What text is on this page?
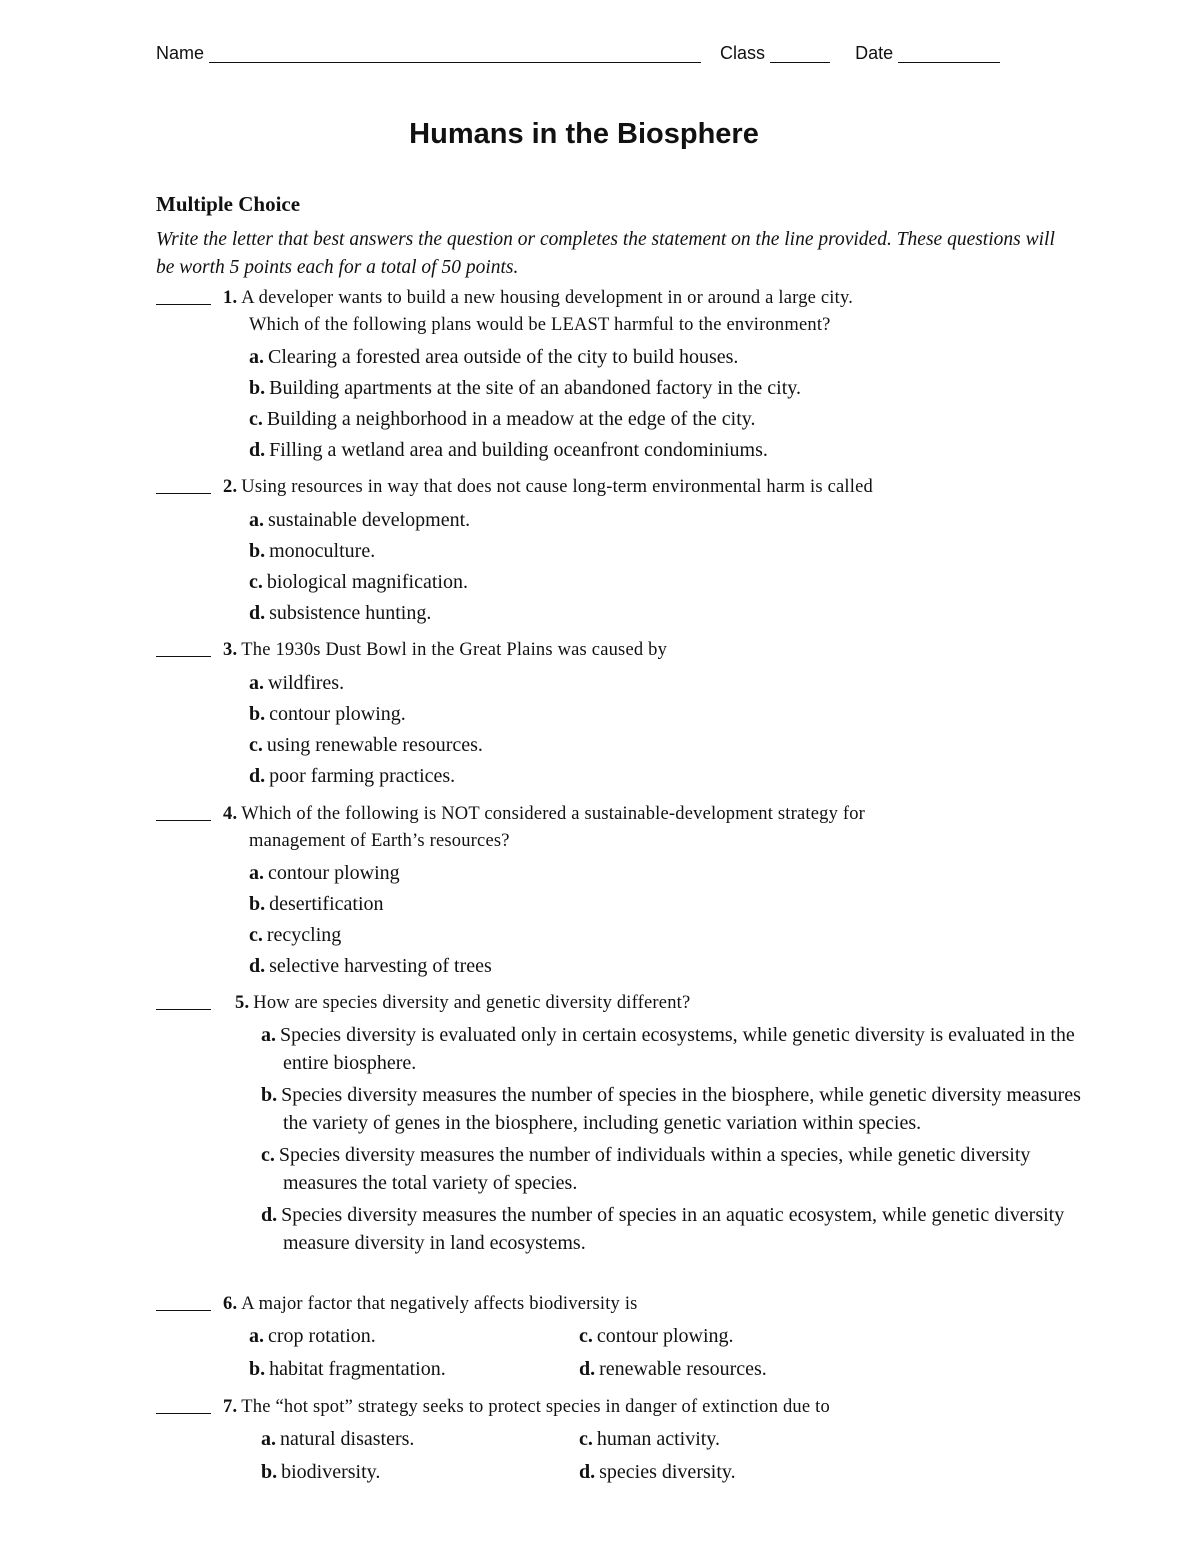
Name	Class	Date
Humans in the Biosphere
Multiple Choice
Write the letter that best answers the question or completes the statement on the line provided. These questions will be worth 5 points each for a total of 50 points.
1. A developer wants to build a new housing development in or around a large city.
Which of the following plans would be LEAST harmful to the environment?
a. Clearing a forested area outside of the city to build houses.
b. Building apartments at the site of an abandoned factory in the city.
c. Building a neighborhood in a meadow at the edge of the city.
d. Filling a wetland area and building oceanfront condominiums.
2. Using resources in way that does not cause long-term environmental harm is called
a. sustainable development.
b. monoculture.
c. biological magnification.
d. subsistence hunting.
3. The 1930s Dust Bowl in the Great Plains was caused by
a. wildfires.
b. contour plowing.
c. using renewable resources.
d. poor farming practices.
4. Which of the following is NOT considered a sustainable-development strategy for
management of Earth’s resources?
a. contour plowing
b. desertification
c. recycling
d. selective harvesting of trees
5. How are species diversity and genetic diversity different?
a. Species diversity is evaluated only in certain ecosystems, while genetic diversity is evaluated in the entire biosphere.
b. Species diversity measures the number of species in the biosphere, while genetic diversity measures the variety of genes in the biosphere, including genetic variation within species.
c. Species diversity measures the number of individuals within a species, while genetic diversity measures the total variety of species.
d. Species diversity measures the number of species in an aquatic ecosystem, while genetic diversity measure diversity in land ecosystems.
6. A major factor that negatively affects biodiversity is
a. crop rotation.	c. contour plowing.
b. habitat fragmentation.	d. renewable resources.
7. The “hot spot” strategy seeks to protect species in danger of extinction due to
a. natural disasters.	c. human activity.
b. biodiversity.	d. species diversity.
